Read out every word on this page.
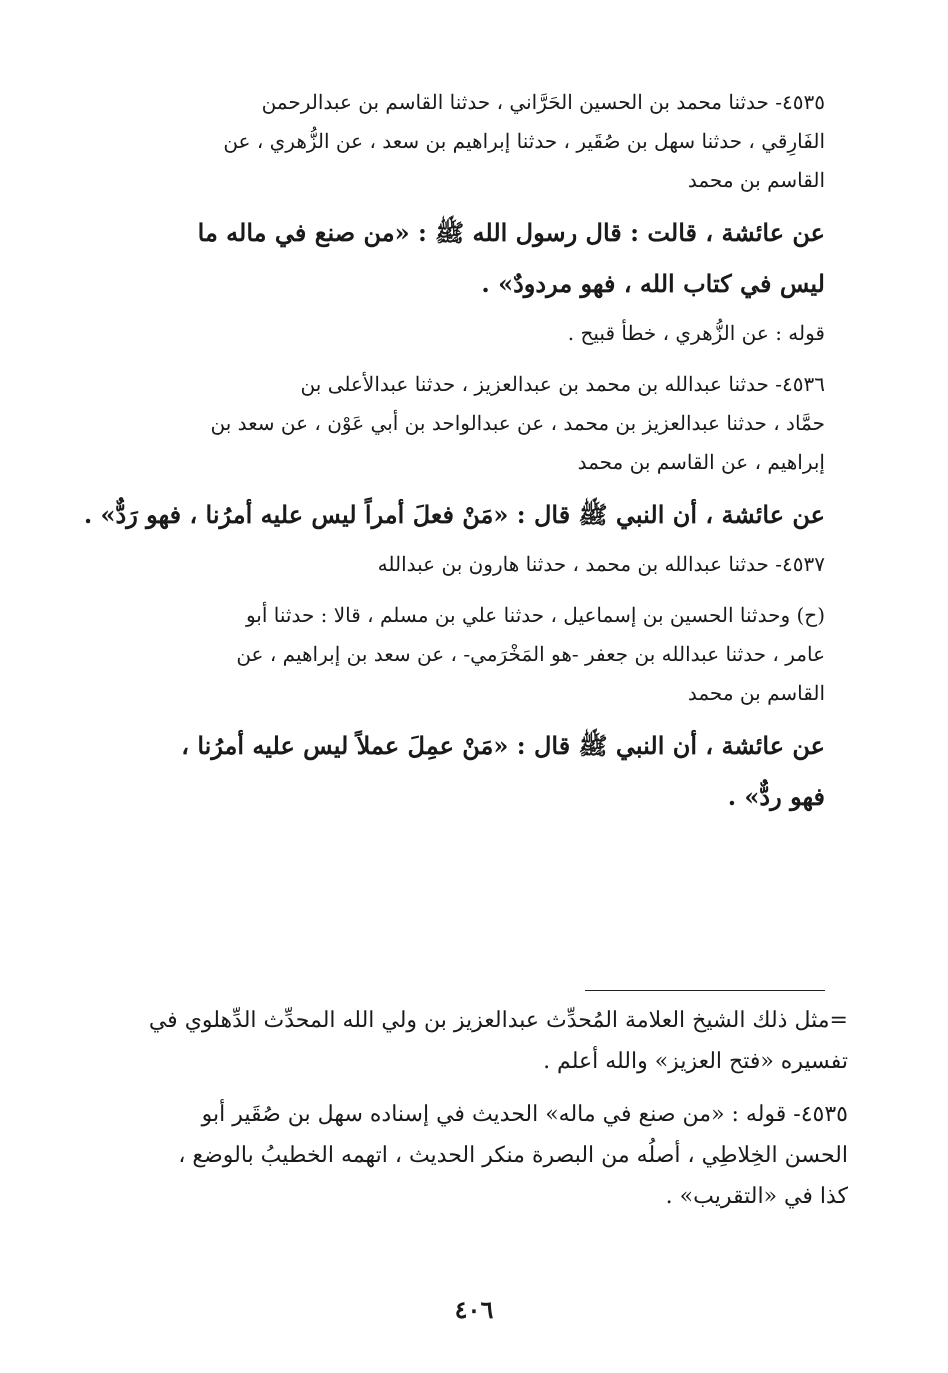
٤٥٣٥- حدثنا محمد بن الحسين الحَرَّاني ، حدثنا القاسم بن عبدالرحمن
الفَارِقي ، حدثنا سهل بن صُقَير ، حدثنا إبراهيم بن سعد ، عن الزُّهري ، عن
القاسم بن محمد
عن عائشة ، قالت : قال رسول الله ﷺ : «من صنع في ماله ما
ليس في كتاب الله ، فهو مردودٌ» .
قوله : عن الزُّهري ، خطأ قبيح .
٤٥٣٦- حدثنا عبدالله بن محمد بن عبدالعزيز ، حدثنا عبدالأعلى بن
حمَّاد ، حدثنا عبدالعزيز بن محمد ، عن عبدالواحد بن أبي عَوْن ، عن سعد بن
إبراهيم ، عن القاسم بن محمد
عن عائشة ، أن النبي ﷺ قال : «مَنْ فعلَ أمراً ليس عليه أمرُنا ، فهو رَدٌّ» .
٤٥٣٧- حدثنا عبدالله بن محمد ، حدثنا هارون بن عبدالله
(ح) وحدثنا الحسين بن إسماعيل ، حدثنا علي بن مسلم ، قالا : حدثنا أبو
عامر ، حدثنا عبدالله بن جعفر -هو المَخْرَمي- ، عن سعد بن إبراهيم ، عن
القاسم بن محمد
عن عائشة ، أن النبي ﷺ قال : «مَنْ عمِلَ عملاً ليس عليه أمرُنا ،
فهو ردٌّ» .
=مثل ذلك الشيخ العلامة المُحدِّث عبدالعزيز بن ولي الله المحدِّث الدِّهلوي في
تفسيره «فتح العزيز» والله أعلم .
٤٥٣٥- قوله : «من صنع في ماله» الحديث في إسناده سهل بن صُقَير أبو
الحسن الخِلاطِي ، أصلُه من البصرة منكر الحديث ، اتهمه الخطيبُ بالوضع ،
كذا في «التقريب» .
٤٠٦
